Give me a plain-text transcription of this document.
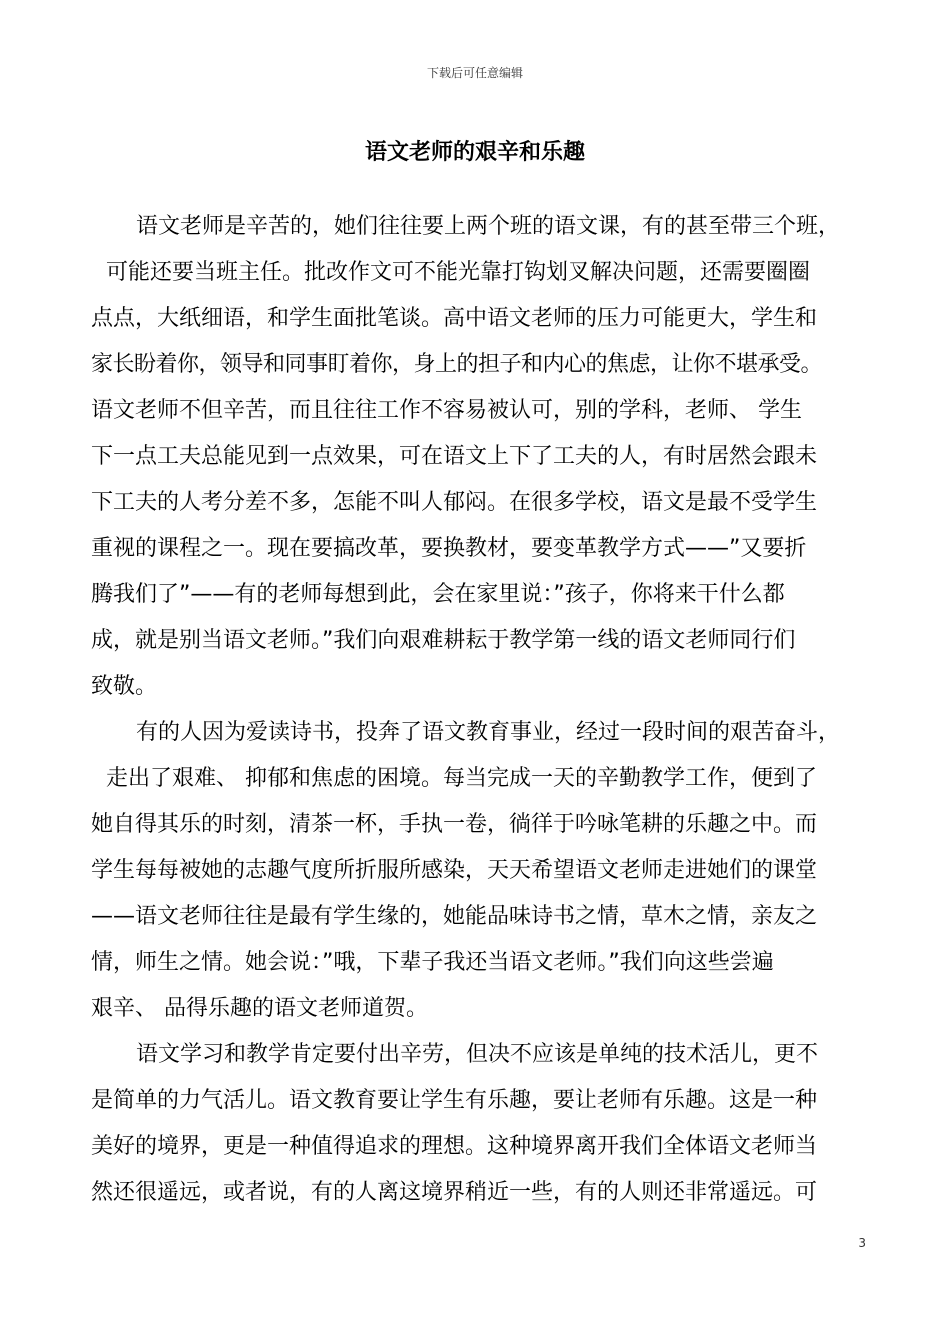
下载后可任意编辑
语文老师的艰辛和乐趣
语文老师是辛苦的，她们往往要上两个班的语文课，有的甚至带三个班，
可能还要当班主任。批改作文可不能光靠打钩划叉解决问题，还需要圈圈
点点，大纸细语，和学生面批笔谈。高中语文老师的压力可能更大，学生和
家长盼着你，领导和同事盯着你，身上的担子和内心的焦虑，让你不堪承受。
语文老师不但辛苦，而且往往工作不容易被认可，别的学科，老师、 学生
下一点工夫总能见到一点效果，可在语文上下了工夫的人，有时居然会跟未
下工夫的人考分差不多，怎能不叫人郁闷。在很多学校，语文是最不受学生
重视的课程之一。现在要搞改革，要换教材，要变革教学方式——”又要折
腾我们了”——有的老师每想到此，会在家里说：”孩子，你将来干什么都
成，就是别当语文老师。”我们向艰难耕耘于教学第一线的语文老师同行们
致敬。
有的人因为爱读诗书，投奔了语文教育事业，经过一段时间的艰苦奋斗，
走出了艰难、 抑郁和焦虑的困境。每当完成一天的辛勤教学工作，便到了
她自得其乐的时刻，清茶一杯，手执一卷，徜徉于吟咏笔耕的乐趣之中。而
学生每每被她的志趣气度所折服所感染，天天希望语文老师走进她们的课堂
——语文老师往往是最有学生缘的，她能品味诗书之情，草木之情，亲友之
情，师生之情。她会说：”哦，下辈子我还当语文老师。”我们向这些尝遍
艰辛、 品得乐趣的语文老师道贺。
语文学习和教学肯定要付出辛劳，但决不应该是单纯的技术活儿，更不
是简单的力气活儿。语文教育要让学生有乐趣，要让老师有乐趣。这是一种
美好的境界，更是一种值得追求的理想。这种境界离开我们全体语文老师当
然还很遥远，或者说，有的人离这境界稍近一些，有的人则还非常遥远。可
3
